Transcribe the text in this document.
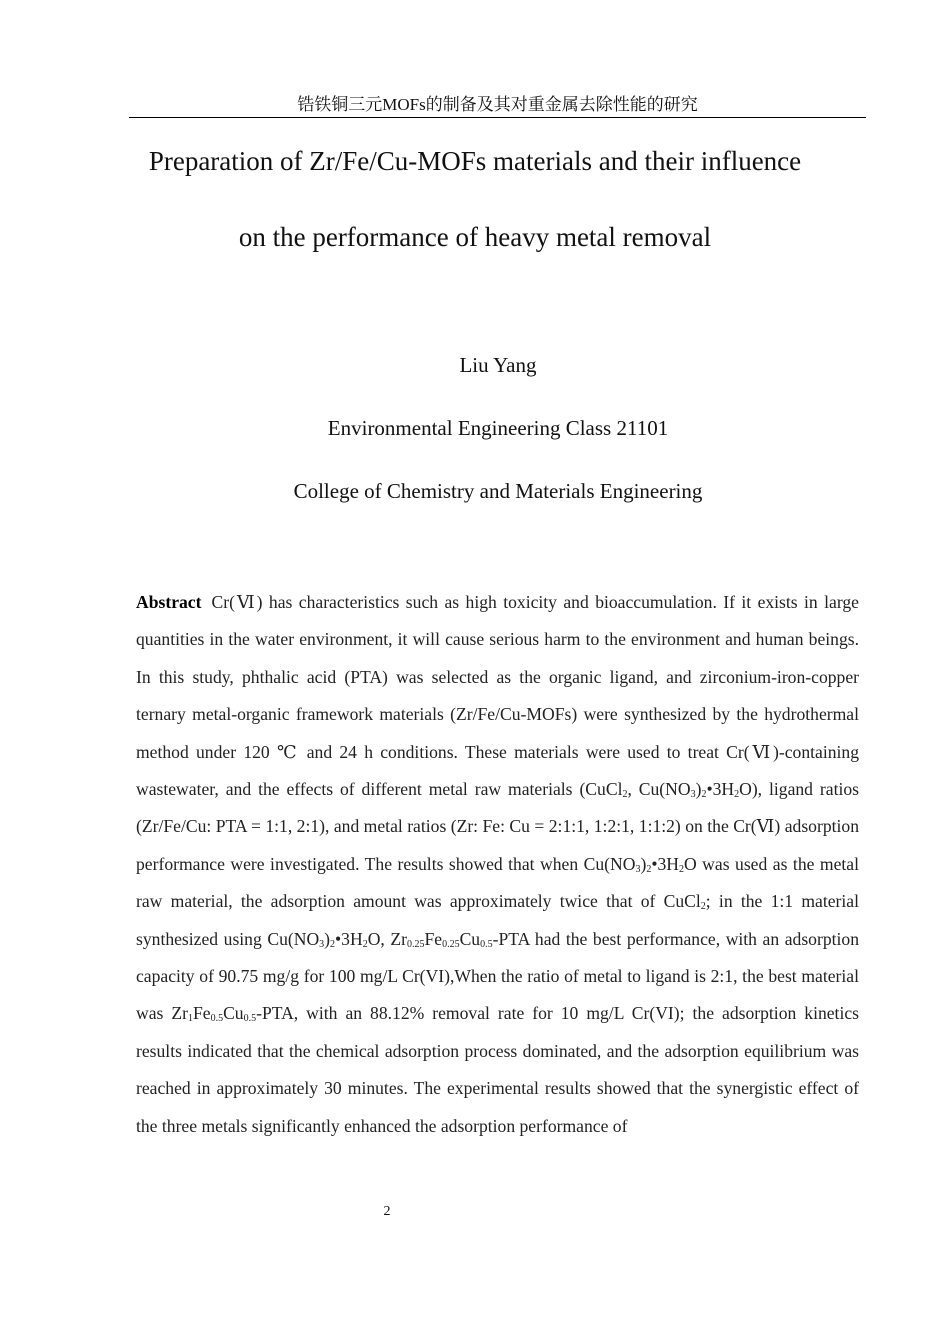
锆铁铜三元MOFs的制备及其对重金属去除性能的研究
Preparation of Zr/Fe/Cu-MOFs materials and their influence
on the performance of heavy metal removal
Liu Yang
Environmental Engineering Class 21101
College of Chemistry and Materials Engineering
Abstract Cr(Ⅵ) has characteristics such as high toxicity and bioaccumulation. If it exists in large quantities in the water environment, it will cause serious harm to the environment and human beings. In this study, phthalic acid (PTA) was selected as the organic ligand, and zirconium-iron-copper ternary metal-organic framework materials (Zr/Fe/Cu-MOFs) were synthesized by the hydrothermal method under 120 ℃ and 24 h conditions. These materials were used to treat Cr(Ⅵ)-containing wastewater, and the effects of different metal raw materials (CuCl$_2$, $Cu(NO_3)_2•3H_2O$), ligand ratios (Zr/Fe/Cu: PTA = 1:1, 2:1), and metal ratios (Zr: Fe: Cu = 2:1:1, 1:2:1, 1:1:2) on the Cr(Ⅵ) adsorption performance were investigated. The results showed that when $Cu(NO_3)_2•3H_2O$ was used as the metal raw material, the adsorption amount was approximately twice that of CuCl$_2$; in the 1:1 material synthesized using $Cu(NO_3)_2•3H_2O$, $Zr_{0.25}Fe_{0.25}Cu_{0.5}$-PTA had the best performance, with an adsorption capacity of 90.75 mg/g for 100 mg/L Cr(VI),When the ratio of metal to ligand is 2:1, the best material was $Zr_1Fe_{0.5}Cu_{0.5}$-PTA, with an 88.12% removal rate for 10 mg/L Cr(VI); the adsorption kinetics results indicated that the chemical adsorption process dominated, and the adsorption equilibrium was reached in approximately 30 minutes. The experimental results showed that the synergistic effect of the three metals significantly enhanced the adsorption performance of
2
